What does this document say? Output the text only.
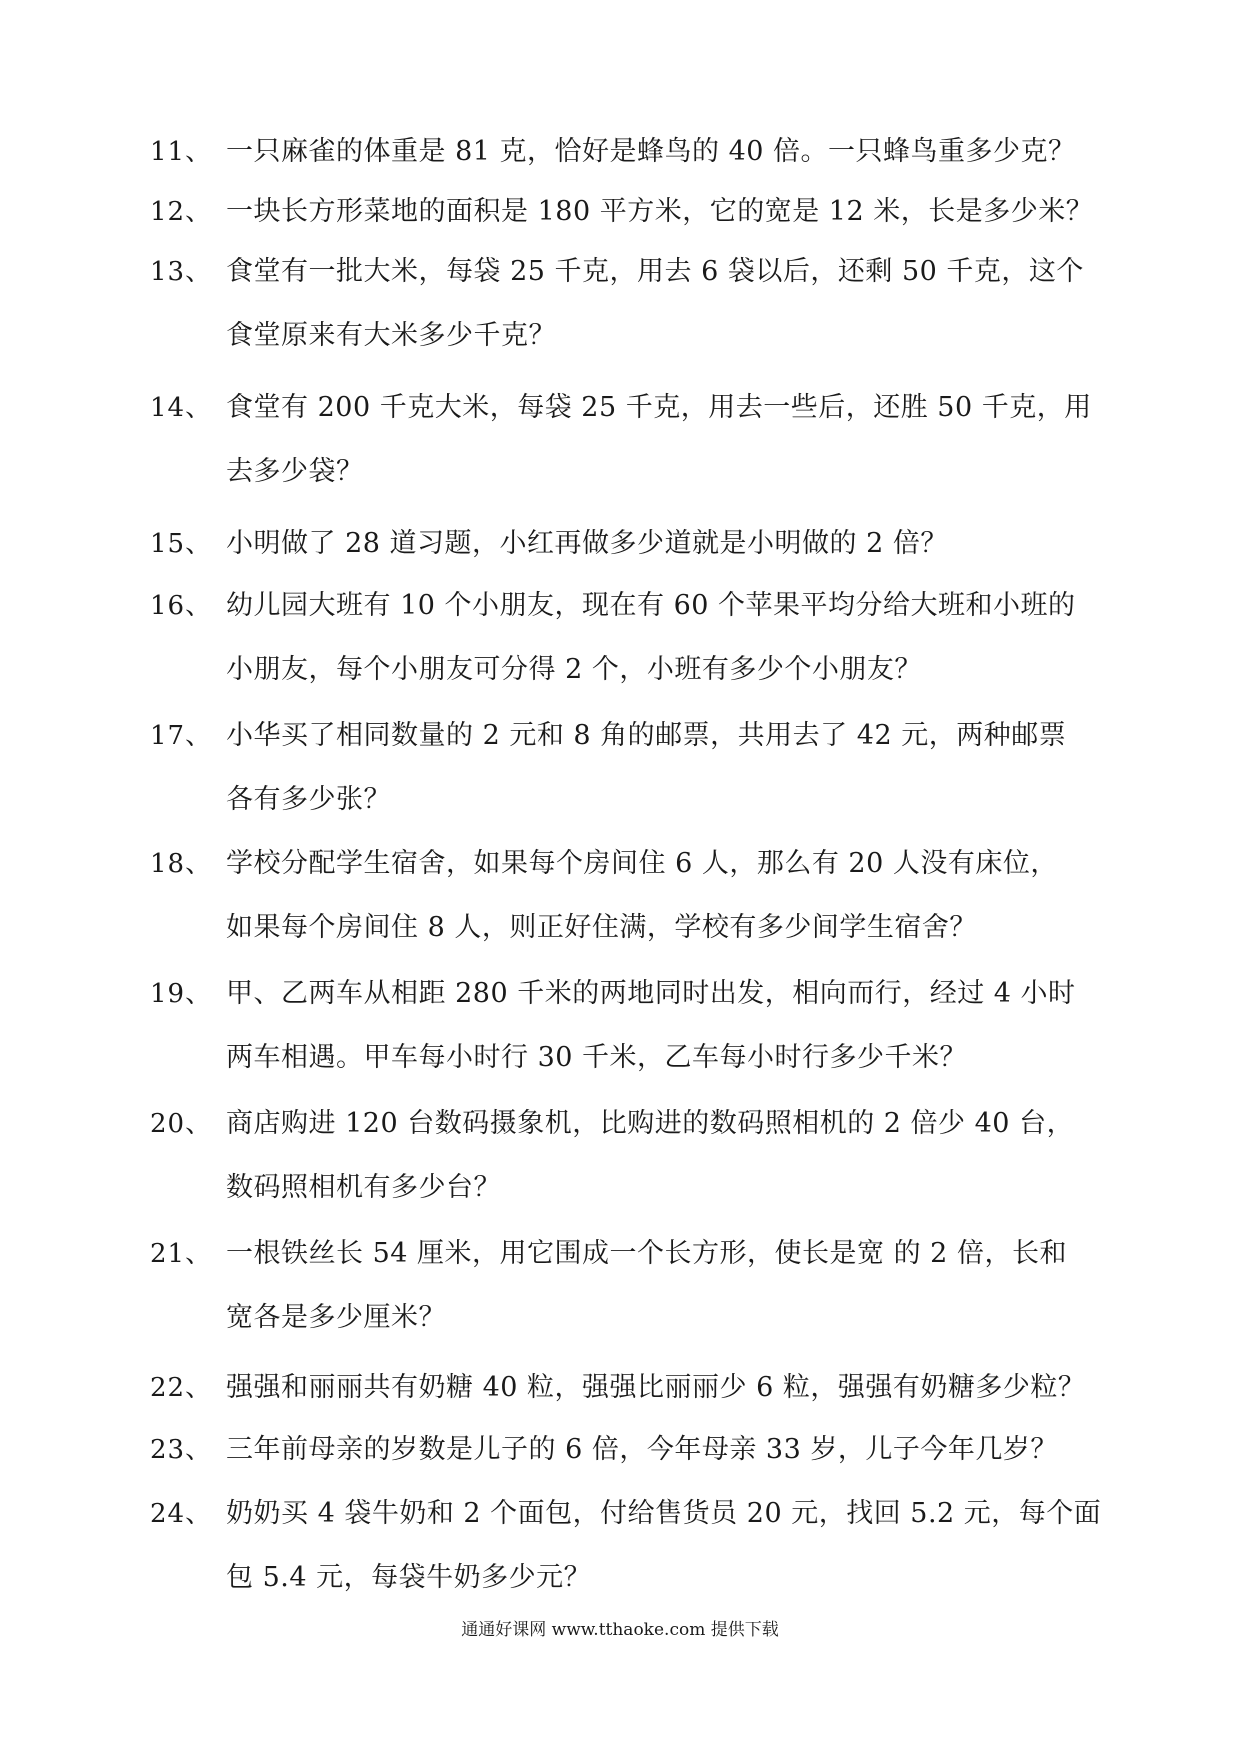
11、 一只麻雀的体重是 81 克，恰好是蜂鸟的 40 倍。一只蜂鸟重多少克？
12、 一块长方形菜地的面积是 180 平方米，它的宽是 12 米，长是多少米？
13、 食堂有一批大米，每袋 25 千克，用去 6 袋以后，还剩 50 千克，这个
食堂原来有大米多少千克？
14、 食堂有 200 千克大米，每袋 25 千克，用去一些后，还胜 50 千克，用
去多少袋？
15、 小明做了 28 道习题，小红再做多少道就是小明做的 2 倍？
16、 幼儿园大班有 10 个小朋友，现在有 60 个苹果平均分给大班和小班的
小朋友，每个小朋友可分得 2 个，小班有多少个小朋友？
17、 小华买了相同数量的 2 元和 8 角的邮票，共用去了 42 元，两种邮票
各有多少张？
18、 学校分配学生宿舍，如果每个房间住 6 人，那么有 20 人没有床位，
如果每个房间住 8 人，则正好住满，学校有多少间学生宿舍？
19、 甲、乙两车从相距 280 千米的两地同时出发，相向而行，经过 4 小时
两车相遇。甲车每小时行 30 千米，乙车每小时行多少千米？
20、 商店购进 120 台数码摄象机，比购进的数码照相机的 2 倍少 40 台，
数码照相机有多少台？
21、 一根铁丝长 54 厘米，用它围成一个长方形，使长是宽 的 2 倍，长和
宽各是多少厘米？
22、 强强和丽丽共有奶糖 40 粒，强强比丽丽少 6 粒，强强有奶糖多少粒？
23、 三年前母亲的岁数是儿子的 6 倍，今年母亲 33 岁，儿子今年几岁？
24、 奶奶买 4 袋牛奶和 2 个面包，付给售货员 20 元，找回 5.2 元，每个面
包 5.4 元，每袋牛奶多少元？
通通好课网 www.tthaoke.com 提供下载
